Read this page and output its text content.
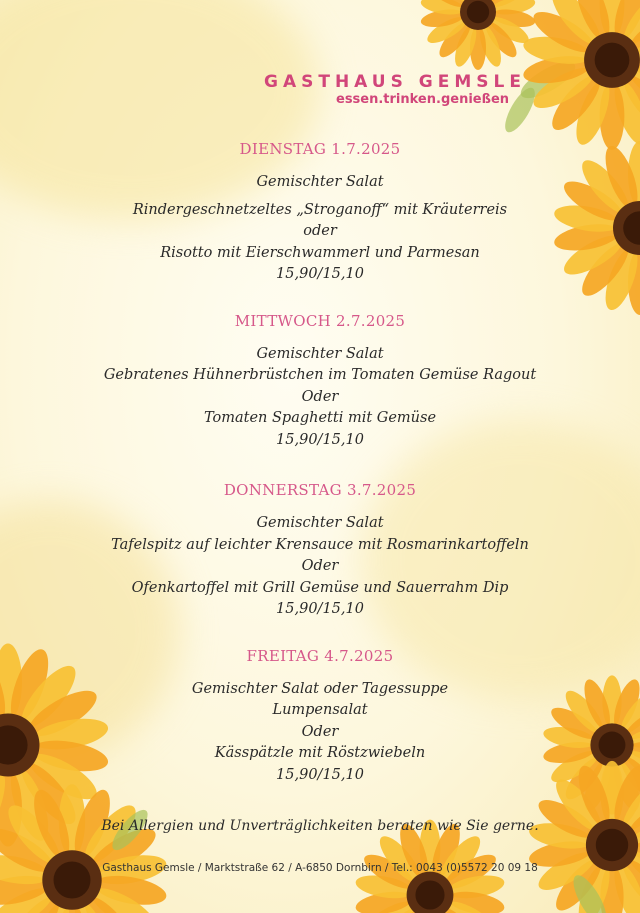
GASTHAUS GEMSLE
essen.trinken.genießen
DIENSTAG 1.7.2025
Gemischter Salat
Rindergeschnetzeltes „Stroganoff“ mit Kräuterreis
oder
Risotto mit Eierschwammerl und Parmesan
15,90/15,10
MITTWOCH 2.7.2025
Gemischter Salat
Gebratenes Hühnerbrüstchen im Tomaten Gemüse Ragout
Oder
Tomaten Spaghetti mit Gemüse
15,90/15,10
DONNERSTAG 3.7.2025
Gemischter Salat
Tafelspitz auf leichter Krensauce mit Rosmarinkartoffeln
Oder
Ofenkartoffel mit Grill Gemüse und Sauerrahm Dip
15,90/15,10
FREITAG 4.7.2025
Gemischter Salat oder Tagessuppe
Lumpensalat
Oder
Kässpätzle mit Röstzwiebeln
15,90/15,10
Bei Allergien und Unverträglichkeiten beraten wie Sie gerne.
Gasthaus Gemsle / Marktstraße 62 / A-6850 Dornbirn / Tel.: 0043 (0)5572 20 09 18
